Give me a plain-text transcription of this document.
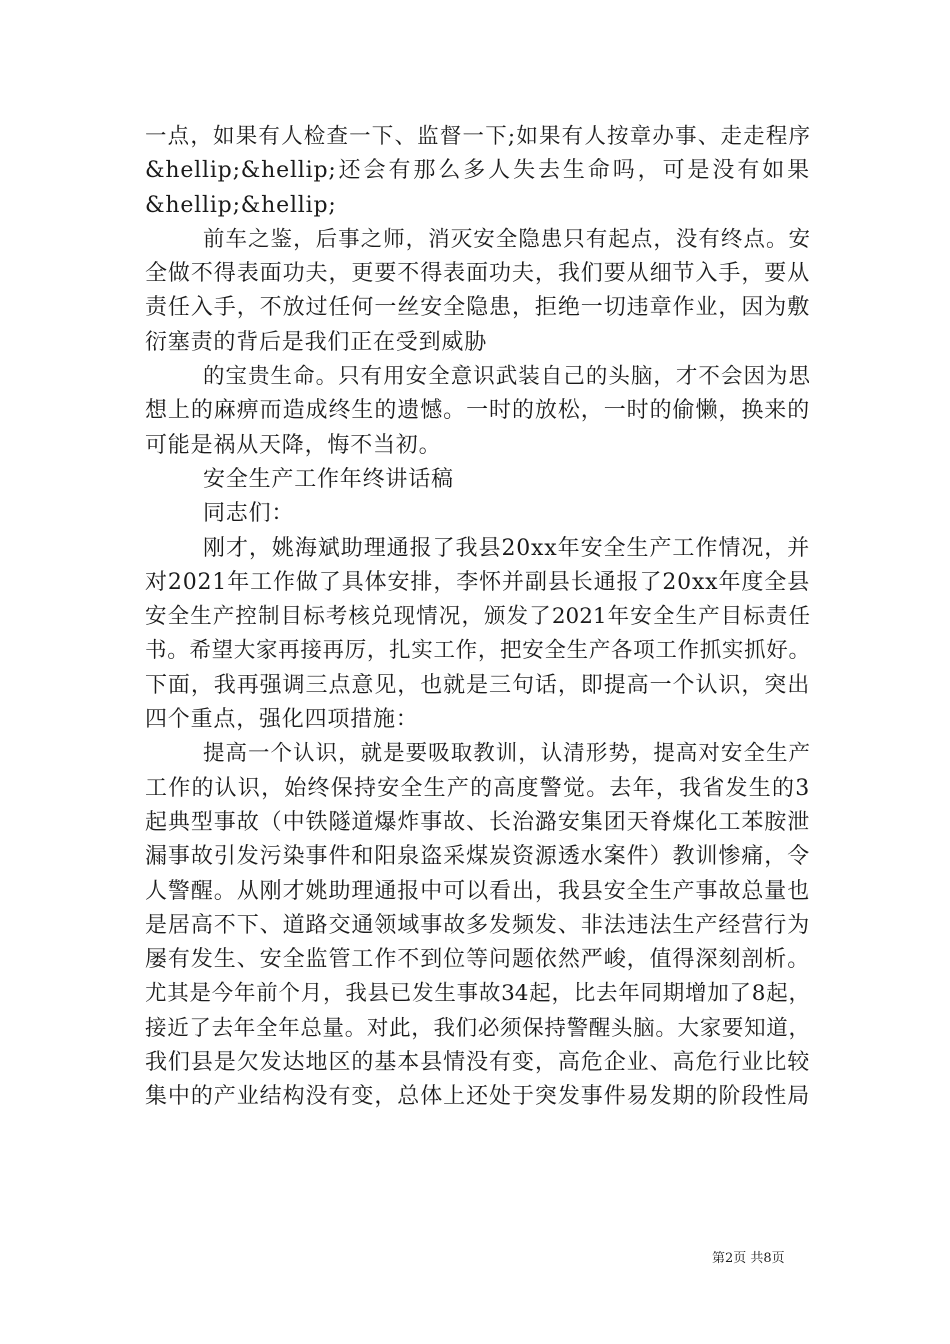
一点，如果有人检查一下、监督一下;如果有人按章办事、走走程序
&hellip;&hellip;还会有那么多人失去生命吗，可是没有如果
&hellip;&hellip;
前车之鉴，后事之师，消灭安全隐患只有起点，没有终点。安
全做不得表面功夫，更要不得表面功夫，我们要从细节入手，要从
责任入手，不放过任何一丝安全隐患，拒绝一切违章作业，因为敷
衍塞责的背后是我们正在受到威胁
的宝贵生命。只有用安全意识武装自己的头脑，才不会因为思
想上的麻痹而造成终生的遗憾。一时的放松，一时的偷懒，换来的
可能是祸从天降，悔不当初。
安全生产工作年终讲话稿
同志们：
刚才，姚海斌助理通报了我县20xx年安全生产工作情况，并
对2021年工作做了具体安排，李怀并副县长通报了20xx年度全县
安全生产控制目标考核兑现情况，颁发了2021年安全生产目标责任
书。希望大家再接再厉，扎实工作，把安全生产各项工作抓实抓好。
下面，我再强调三点意见，也就是三句话，即提高一个认识，突出
四个重点，强化四项措施：
提高一个认识，就是要吸取教训，认清形势，提高对安全生产
工作的认识，始终保持安全生产的高度警觉。去年，我省发生的3
起典型事故（中铁隧道爆炸事故、长治潞安集团天脊煤化工苯胺泄
漏事故引发污染事件和阳泉盗采煤炭资源透水案件）教训惨痛，令
人警醒。从刚才姚助理通报中可以看出，我县安全生产事故总量也
是居高不下、道路交通领域事故多发频发、非法违法生产经营行为
屡有发生、安全监管工作不到位等问题依然严峻，值得深刻剖析。
尤其是今年前个月，我县已发生事故34起，比去年同期增加了8起，
接近了去年全年总量。对此，我们必须保持警醒头脑。大家要知道，
我们县是欠发达地区的基本县情没有变，高危企业、高危行业比较
集中的产业结构没有变，总体上还处于突发事件易发期的阶段性局
第2页 共8页
